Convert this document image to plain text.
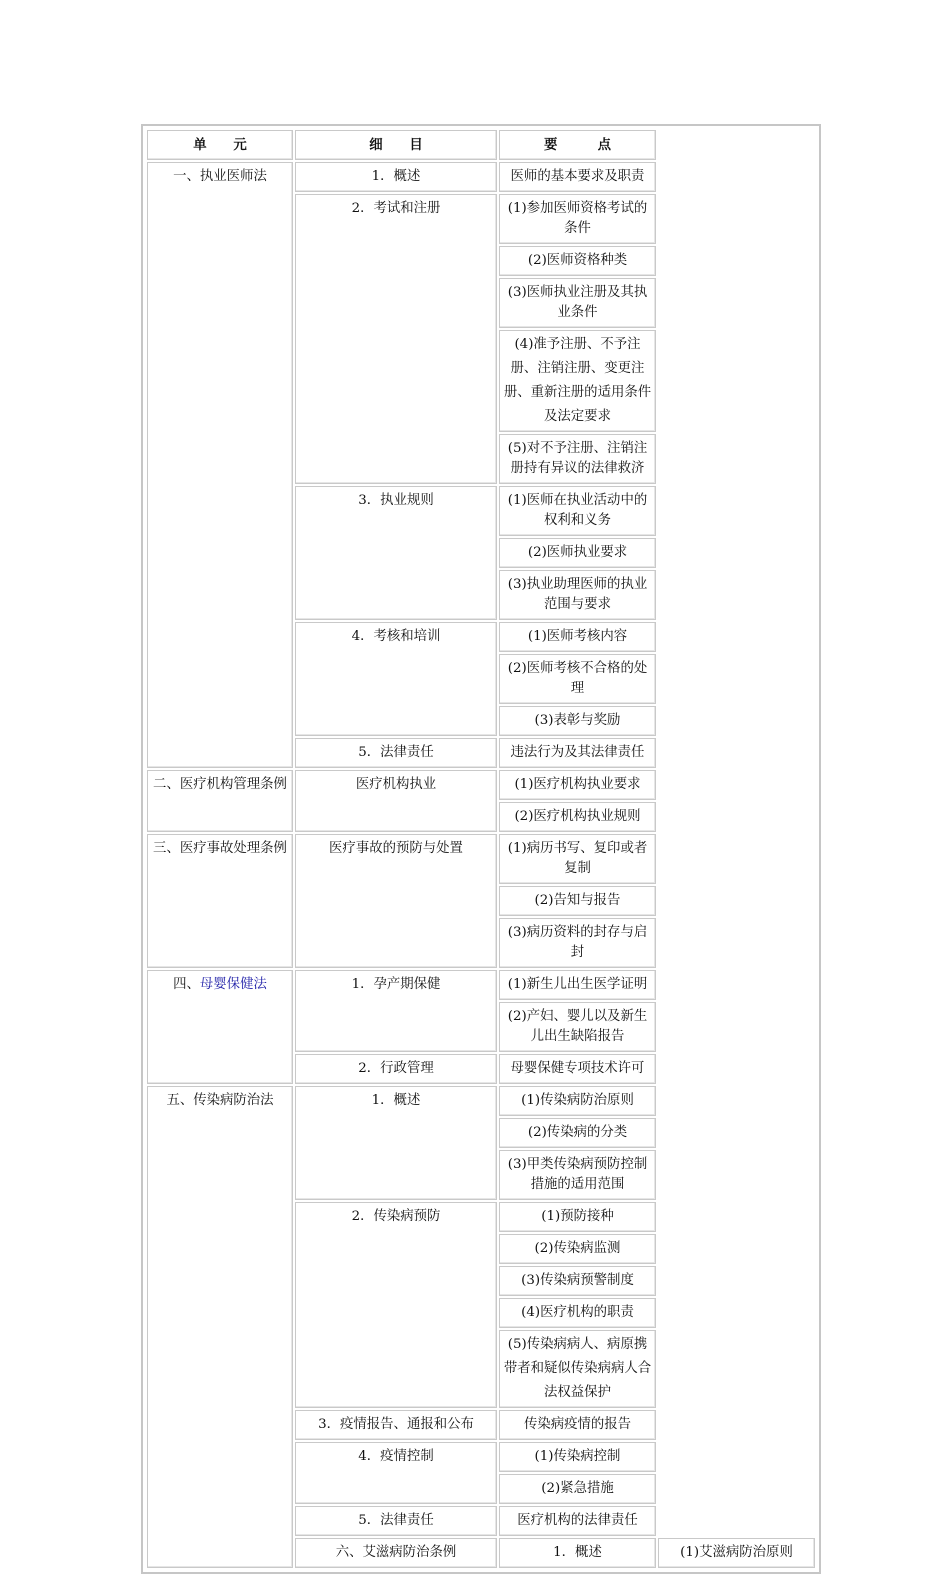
单　　元	细　　目	要　　　点	
一、执业医师法	1．概述	医师的基本要求及职责	
	2．考试和注册	(1)参加医师资格考试的条件	
		(2)医师资格种类	
		(3)医师执业注册及其执业条件	
		(4)准予注册、不予注册、注销注册、变更注册、重新注册的适用条件及法定要求	
		(5)对不予注册、注销注册持有异议的法律救济	
	3．执业规则	(1)医师在执业活动中的权利和义务	
		(2)医师执业要求	
		(3)执业助理医师的执业范围与要求	
	4．考核和培训	(1)医师考核内容	
		(2)医师考核不合格的处理	
		(3)表彰与奖励	
	5．法律责任	违法行为及其法律责任	
二、医疗机构管理条例	医疗机构执业	(1)医疗机构执业要求	
		(2)医疗机构执业规则	
三、医疗事故处理条例	医疗事故的预防与处置	(1)病历书写、复印或者复制	
		(2)告知与报告	
		(3)病历资料的封存与启封	
四、母婴保健法	1．孕产期保健	(1)新生儿出生医学证明	
		(2)产妇、婴儿以及新生儿出生缺陷报告	
	2．行政管理	母婴保健专项技术许可	
五、传染病防治法	1．概述	(1)传染病防治原则	
		(2)传染病的分类	
		(3)甲类传染病预防控制措施的适用范围	
	2．传染病预防	(1)预防接种	
		(2)传染病监测	
		(3)传染病预警制度	
		(4)医疗机构的职责	
		(5)传染病病人、病原携带者和疑似传染病病人合法权益保护	
	3．疫情报告、通报和公布	传染病疫情的报告	
	4．疫情控制	(1)传染病控制	
		(2)紧急措施	
	5．法律责任	医疗机构的法律责任	
	六、艾滋病防治条例	1．概述	(1)艾滋病防治原则
